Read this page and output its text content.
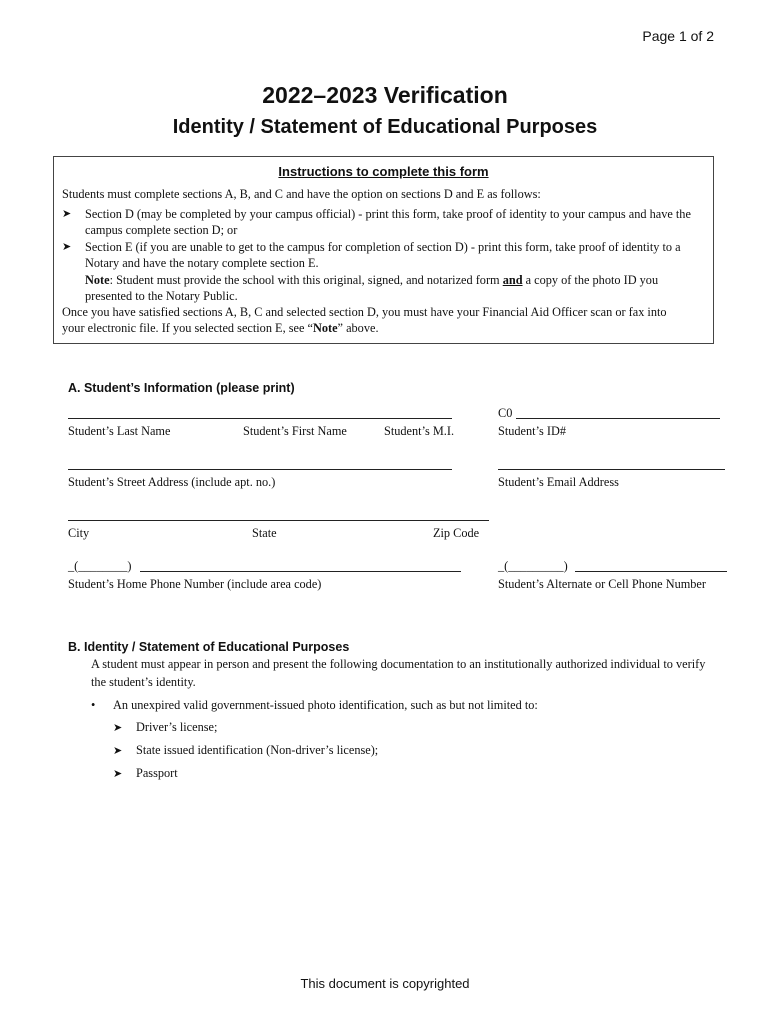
Page 1 of 2
2022–2023 Verification
Identity / Statement of Educational Purposes
Instructions to complete this form
Students must complete sections A, B, and C and have the option on sections D and E as follows:
➤ Section D (may be completed by your campus official) - print this form, take proof of identity to your campus and have the
campus complete section D; or
➤ Section E (if you are unable to get to the campus for completion of section D) - print this form, take proof of identity to a
Notary and have the notary complete section E.
Note: Student must provide the school with this original, signed, and notarized form and a copy of the photo ID you
presented to the Notary Public.
Once you have satisfied sections A, B, C and selected section D, you must have your Financial Aid Officer scan or fax into
your electronic file. If you selected section E, see “Note” above.
A. Student’s Information (please print)
Student’s Last Name	Student’s First Name	Student’s M.I.
C0
Student’s ID#
Student’s Street Address (include apt. no.)	Student’s Email Address
City	State	Zip Code
_(________)
Student’s Home Phone Number (include area code)
_(_________)
Student’s Alternate or Cell Phone Number
B. Identity / Statement of Educational Purposes
A student must appear in person and present the following documentation to an institutionally authorized individual to verify
the student’s identity.
• An unexpired valid government-issued photo identification, such as but not limited to:
➤ Driver’s license;
➤ State issued identification (Non-driver’s license);
➤ Passport
This document is copyrighted
